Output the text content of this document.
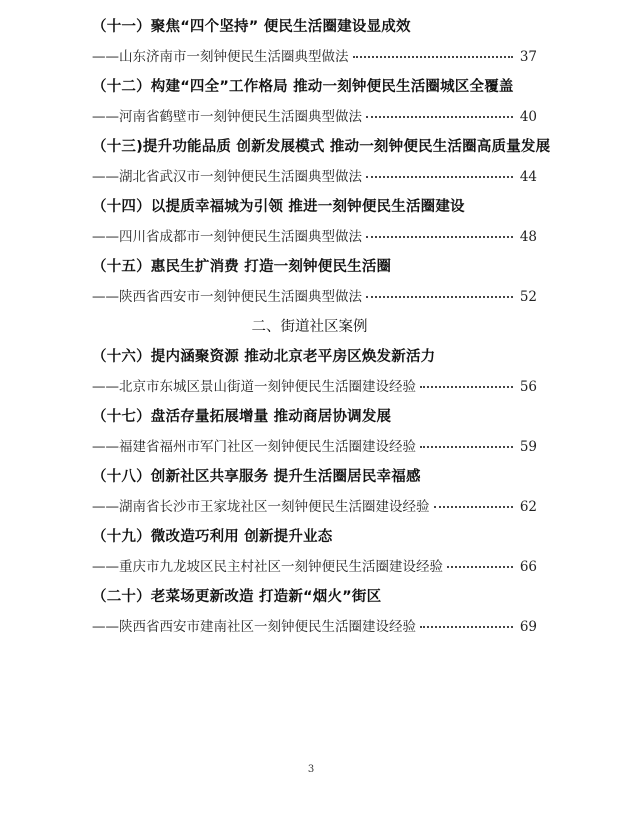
（十一）聚焦“四个坚持” 便民生活圈建设显成效
——山东济南市一刻钟便民生活圈典型做法	37
（十二）构建“四全”工作格局 推动一刻钟便民生活圈城区全覆盖
——河南省鹤壁市一刻钟便民生活圈典型做法	40
（十三)提升功能品质 创新发展模式 推动一刻钟便民生活圈高质量发展
——湖北省武汉市一刻钟便民生活圈典型做法	44
（十四）以提质幸福城为引领 推进一刻钟便民生活圈建设
——四川省成都市一刻钟便民生活圈典型做法	48
（十五）惠民生扩消费 打造一刻钟便民生活圈
——陕西省西安市一刻钟便民生活圈典型做法	52
二、街道社区案例
（十六）提内涵聚资源 推动北京老平房区焕发新活力
——北京市东城区景山街道一刻钟便民生活圈建设经验	56
（十七）盘活存量拓展增量 推动商居协调发展
——福建省福州市军门社区一刻钟便民生活圈建设经验	59
（十八）创新社区共享服务 提升生活圈居民幸福感
——湖南省长沙市王家垅社区一刻钟便民生活圈建设经验	62
（十九）微改造巧利用 创新提升业态
——重庆市九龙坡区民主村社区一刻钟便民生活圈建设经验	66
（二十）老菜场更新改造 打造新“烟火”街区
——陕西省西安市建南社区一刻钟便民生活圈建设经验	69
3
